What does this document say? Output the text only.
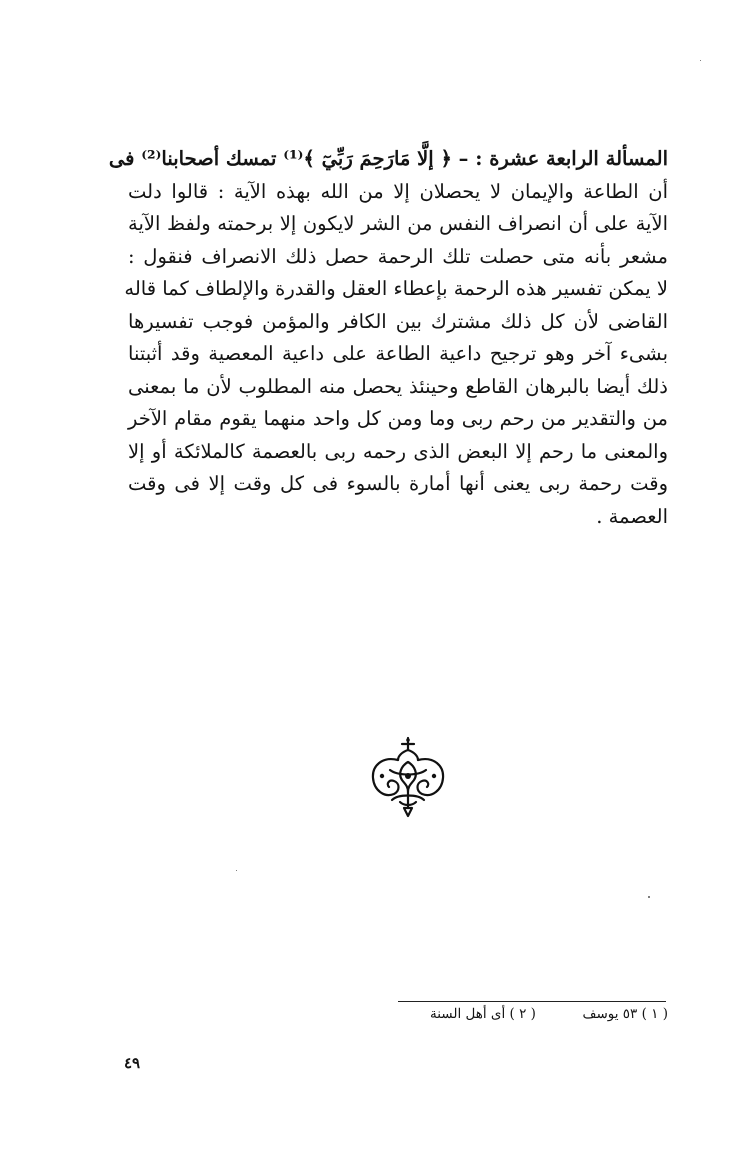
المسألة الرابعة عشرة : – ﴿ إلَّا مَارَحِمَ رَبِّيٓ ﴾⁽¹⁾ تمسك أصحابنا⁽²⁾ فى
أن الطاعة والإيمان لا يحصلان إلا من الله بهذه الآية : قالوا دلت
الآية على أن انصراف النفس من الشر لايكون إلا برحمته ولفظ الآية
مشعر بأنه متى حصلت تلك الرحمة حصل ذلك الانصراف فنقول :
لا يمكن تفسير هذه الرحمة بإعطاء العقل والقدرة والإلطاف كما قاله
القاضى لأن كل ذلك مشترك بين الكافر والمؤمن فوجب تفسيرها
بشىء آخر وهو ترجيح داعية الطاعة على داعية المعصية وقد أثبتنا
ذلك أيضا بالبرهان القاطع وحينئذ يحصل منه المطلوب لأن ما بمعنى
من والتقدير من رحم ربى وما ومن كل واحد منهما يقوم مقام الآخر
والمعنى ما رحم إلا البعض الذى رحمه ربى بالعصمة كالملائكة أو إلا
وقت رحمة ربى يعنى أنها أمارة بالسوء فى كل وقت إلا فى وقت
العصمة .
( ١ ) ٥٣ يوسف  ( ٢ ) أى أهل السنة
٤٩
